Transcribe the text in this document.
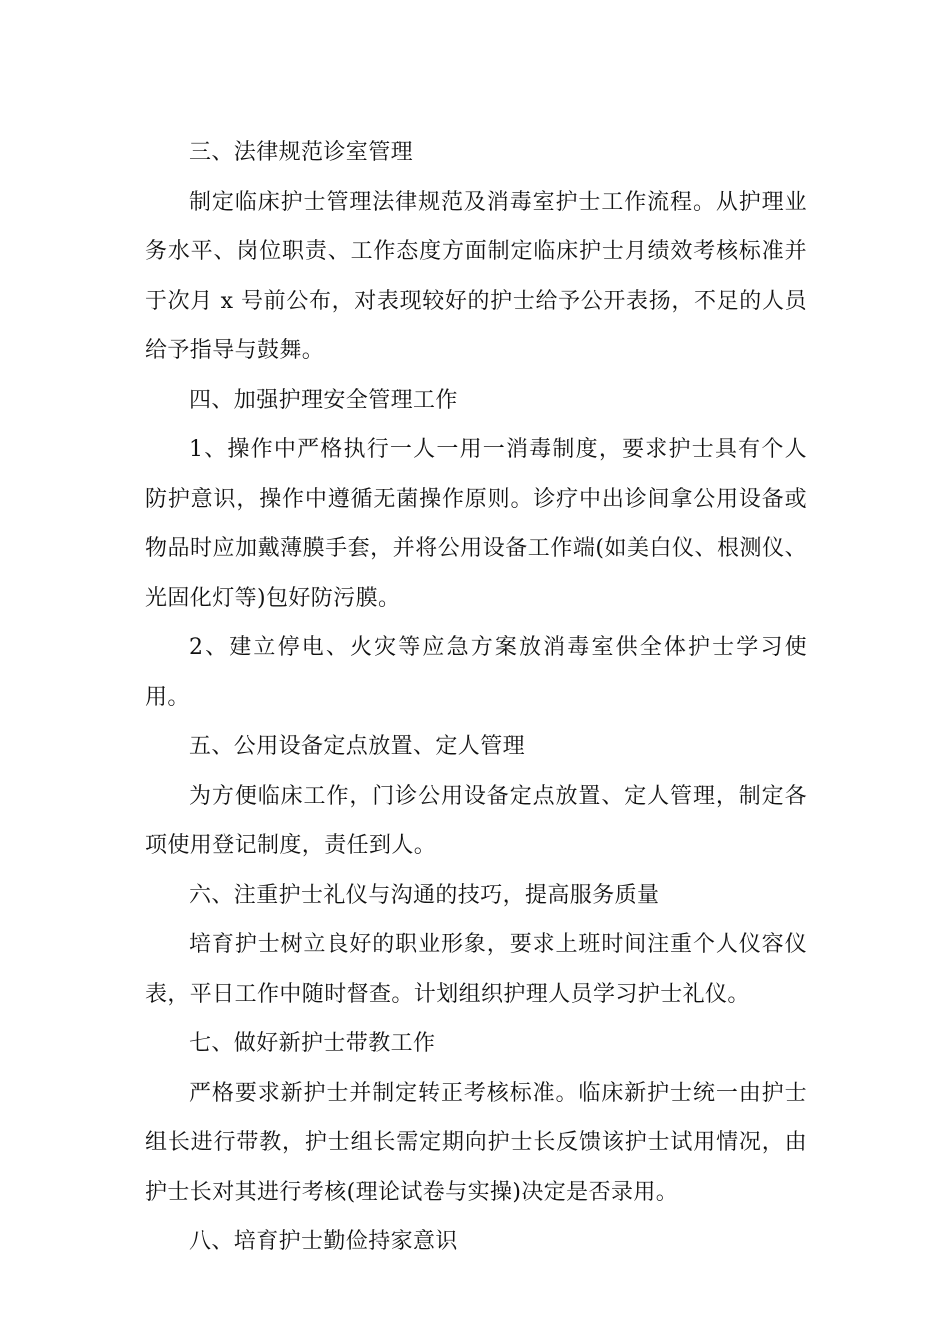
三、法律规范诊室管理

制定临床护士管理法律规范及消毒室护士工作流程。从护理业务水平、岗位职责、工作态度方面制定临床护士月绩效考核标准并于次月 x 号前公布，对表现较好的护士给予公开表扬，不足的人员给予指导与鼓舞。

四、加强护理安全管理工作

1、操作中严格执行一人一用一消毒制度，要求护士具有个人防护意识，操作中遵循无菌操作原则。诊疗中出诊间拿公用设备或物品时应加戴薄膜手套，并将公用设备工作端(如美白仪、根测仪、光固化灯等)包好防污膜。

2、建立停电、火灾等应急方案放消毒室供全体护士学习使用。

五、公用设备定点放置、定人管理

为方便临床工作，门诊公用设备定点放置、定人管理，制定各项使用登记制度，责任到人。

六、注重护士礼仪与沟通的技巧，提高服务质量

培育护士树立良好的职业形象，要求上班时间注重个人仪容仪表，平日工作中随时督查。计划组织护理人员学习护士礼仪。

七、做好新护士带教工作

严格要求新护士并制定转正考核标准。临床新护士统一由护士组长进行带教，护士组长需定期向护士长反馈该护士试用情况，由护士长对其进行考核(理论试卷与实操)决定是否录用。

八、培育护士勤俭持家意识
